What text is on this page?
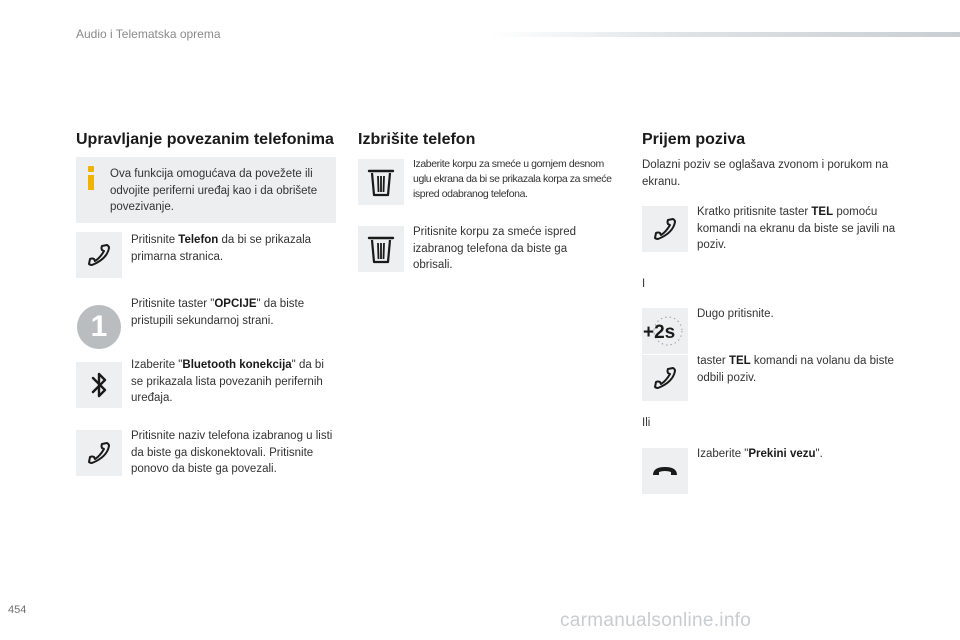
Audio i Telematska oprema
Upravljanje povezanim telefonima
Ova funkcija omogućava da povežete ili odvojite periferni uređaj kao i da obrišete povezivanje.
Pritisnite Telefon da bi se prikazala primarna stranica.
1
Pritisnite taster "OPCIJE" da biste pristupili sekundarnoj strani.
Izaberite "Bluetooth konekcija" da bi se prikazala lista povezanih perifernih uređaja.
Pritisnite naziv telefona izabranog u listi da biste ga diskonektovali. Pritisnite ponovo da biste ga povezali.
Izbrišite telefon
Izaberite korpu za smeće u gornjem desnom uglu ekrana da bi se prikazala korpa za smeće ispred odabranog telefona.
Pritisnite korpu za smeće ispred izabranog telefona da biste ga obrisali.
Prijem poziva
Dolazni poziv se oglašava zvonom i porukom na ekranu.
Kratko pritisnite taster TEL pomoću komandi na ekranu da biste se javili na poziv.
I
+2s
Dugo pritisnite.
taster TEL komandi na volanu da biste odbili poziv.
Ili
Izaberite "Prekini vezu".
454	carmanualsonline.info
